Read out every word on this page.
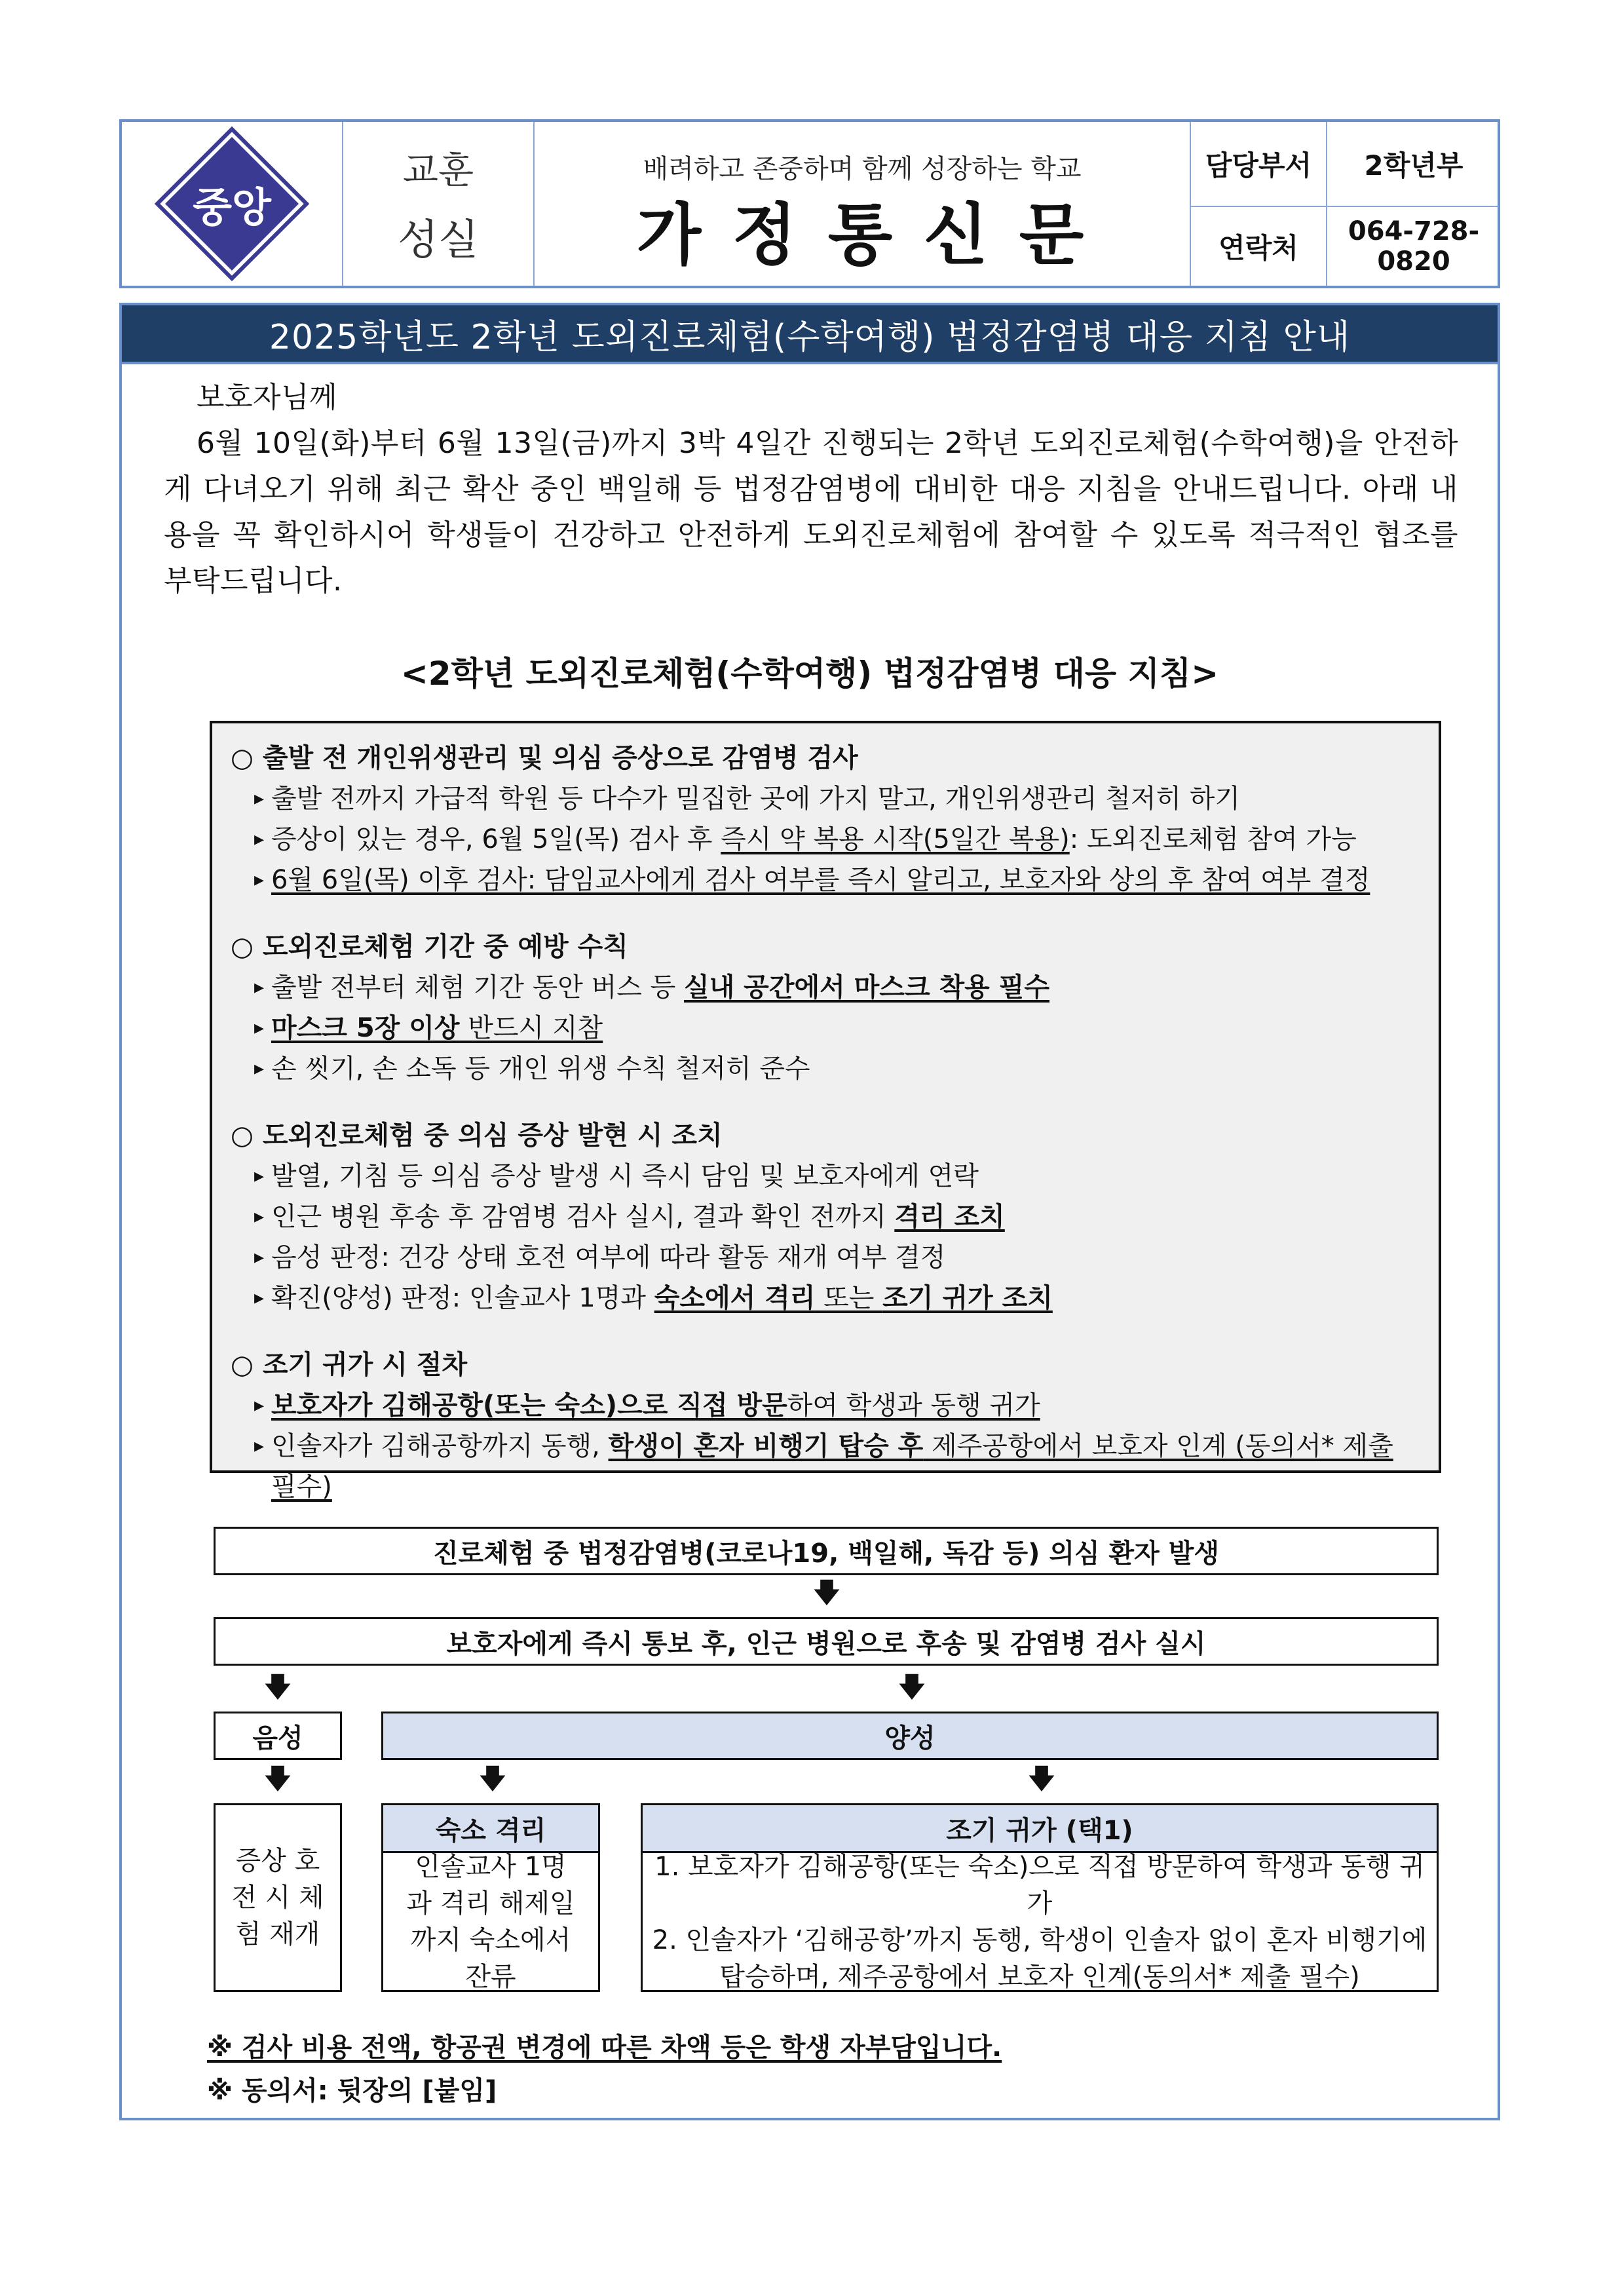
중앙
교훈
성실
배려하고 존중하며 함께 성장하는 학교
가 정 통 신 문
담당부서	2학년부
연락처
064-728-0820
2025학년도 2학년 도외진로체험(수학여행) 법정감염병 대응 지침 안내
보호자님께
6월 10일(화)부터 6월 13일(금)까지 3박 4일간 진행되는 2학년 도외진로체험(수학여행)을 안전하게 다녀오기 위해 최근 확산 중인 백일해 등 법정감염병에 대비한 대응 지침을 안내드립니다. 아래 내용을 꼭 확인하시어 학생들이 건강하고 안전하게 도외진로체험에 참여할 수 있도록 적극적인 협조를 부탁드립니다.
<2학년 도외진로체험(수학여행) 법정감염병 대응 지침>
○ 출발 전 개인위생관리 및 의심 증상으로 감염병 검사
▸ 출발 전까지 가급적 학원 등 다수가 밀집한 곳에 가지 말고, 개인위생관리 철저히 하기
▸ 증상이 있는 경우, 6월 5일(목) 검사 후 즉시 약 복용 시작(5일간 복용): 도외진로체험 참여 가능
▸ 6월 6일(목) 이후 검사: 담임교사에게 검사 여부를 즉시 알리고, 보호자와 상의 후 참여 여부 결정
○ 도외진로체험 기간 중 예방 수칙
▸ 출발 전부터 체험 기간 동안 버스 등 실내 공간에서 마스크 착용 필수
▸ 마스크 5장 이상 반드시 지참
▸ 손 씻기, 손 소독 등 개인 위생 수칙 철저히 준수
○ 도외진로체험 중 의심 증상 발현 시 조치
▸ 발열, 기침 등 의심 증상 발생 시 즉시 담임 및 보호자에게 연락
▸ 인근 병원 후송 후 감염병 검사 실시, 결과 확인 전까지 격리 조치
▸ 음성 판정: 건강 상태 호전 여부에 따라 활동 재개 여부 결정
▸ 확진(양성) 판정: 인솔교사 1명과 숙소에서 격리 또는 조기 귀가 조치
○ 조기 귀가 시 절차
▸ 보호자가 김해공항(또는 숙소)으로 직접 방문하여 학생과 동행 귀가
▸ 인솔자가 김해공항까지 동행, 학생이 혼자 비행기 탑승 후 제주공항에서 보호자 인계 (동의서* 제출 필수)
진로체험 중 법정감염병(코로나19, 백일해, 독감 등) 의심 환자 발생
🡇
보호자에게 즉시 통보 후, 인근 병원으로 후송 및 감염병 검사 실시
🡇	🡇
음성	양성
🡇	🡇	🡇
증상 호전 시 체험 재개
숙소 격리
인솔교사 1명과 격리 해제일까지 숙소에서 잔류
조기 귀가 (택1)
1. 보호자가 김해공항(또는 숙소)으로 직접 방문하여 학생과 동행 귀가
2. 인솔자가 ‘김해공항’까지 동행, 학생이 인솔자 없이 혼자 비행기에
탑승하며, 제주공항에서 보호자 인계(동의서* 제출 필수)
※ 검사 비용 전액, 항공권 변경에 따른 차액 등은 학생 자부담입니다.
※ 동의서: 뒷장의 [붙임]
